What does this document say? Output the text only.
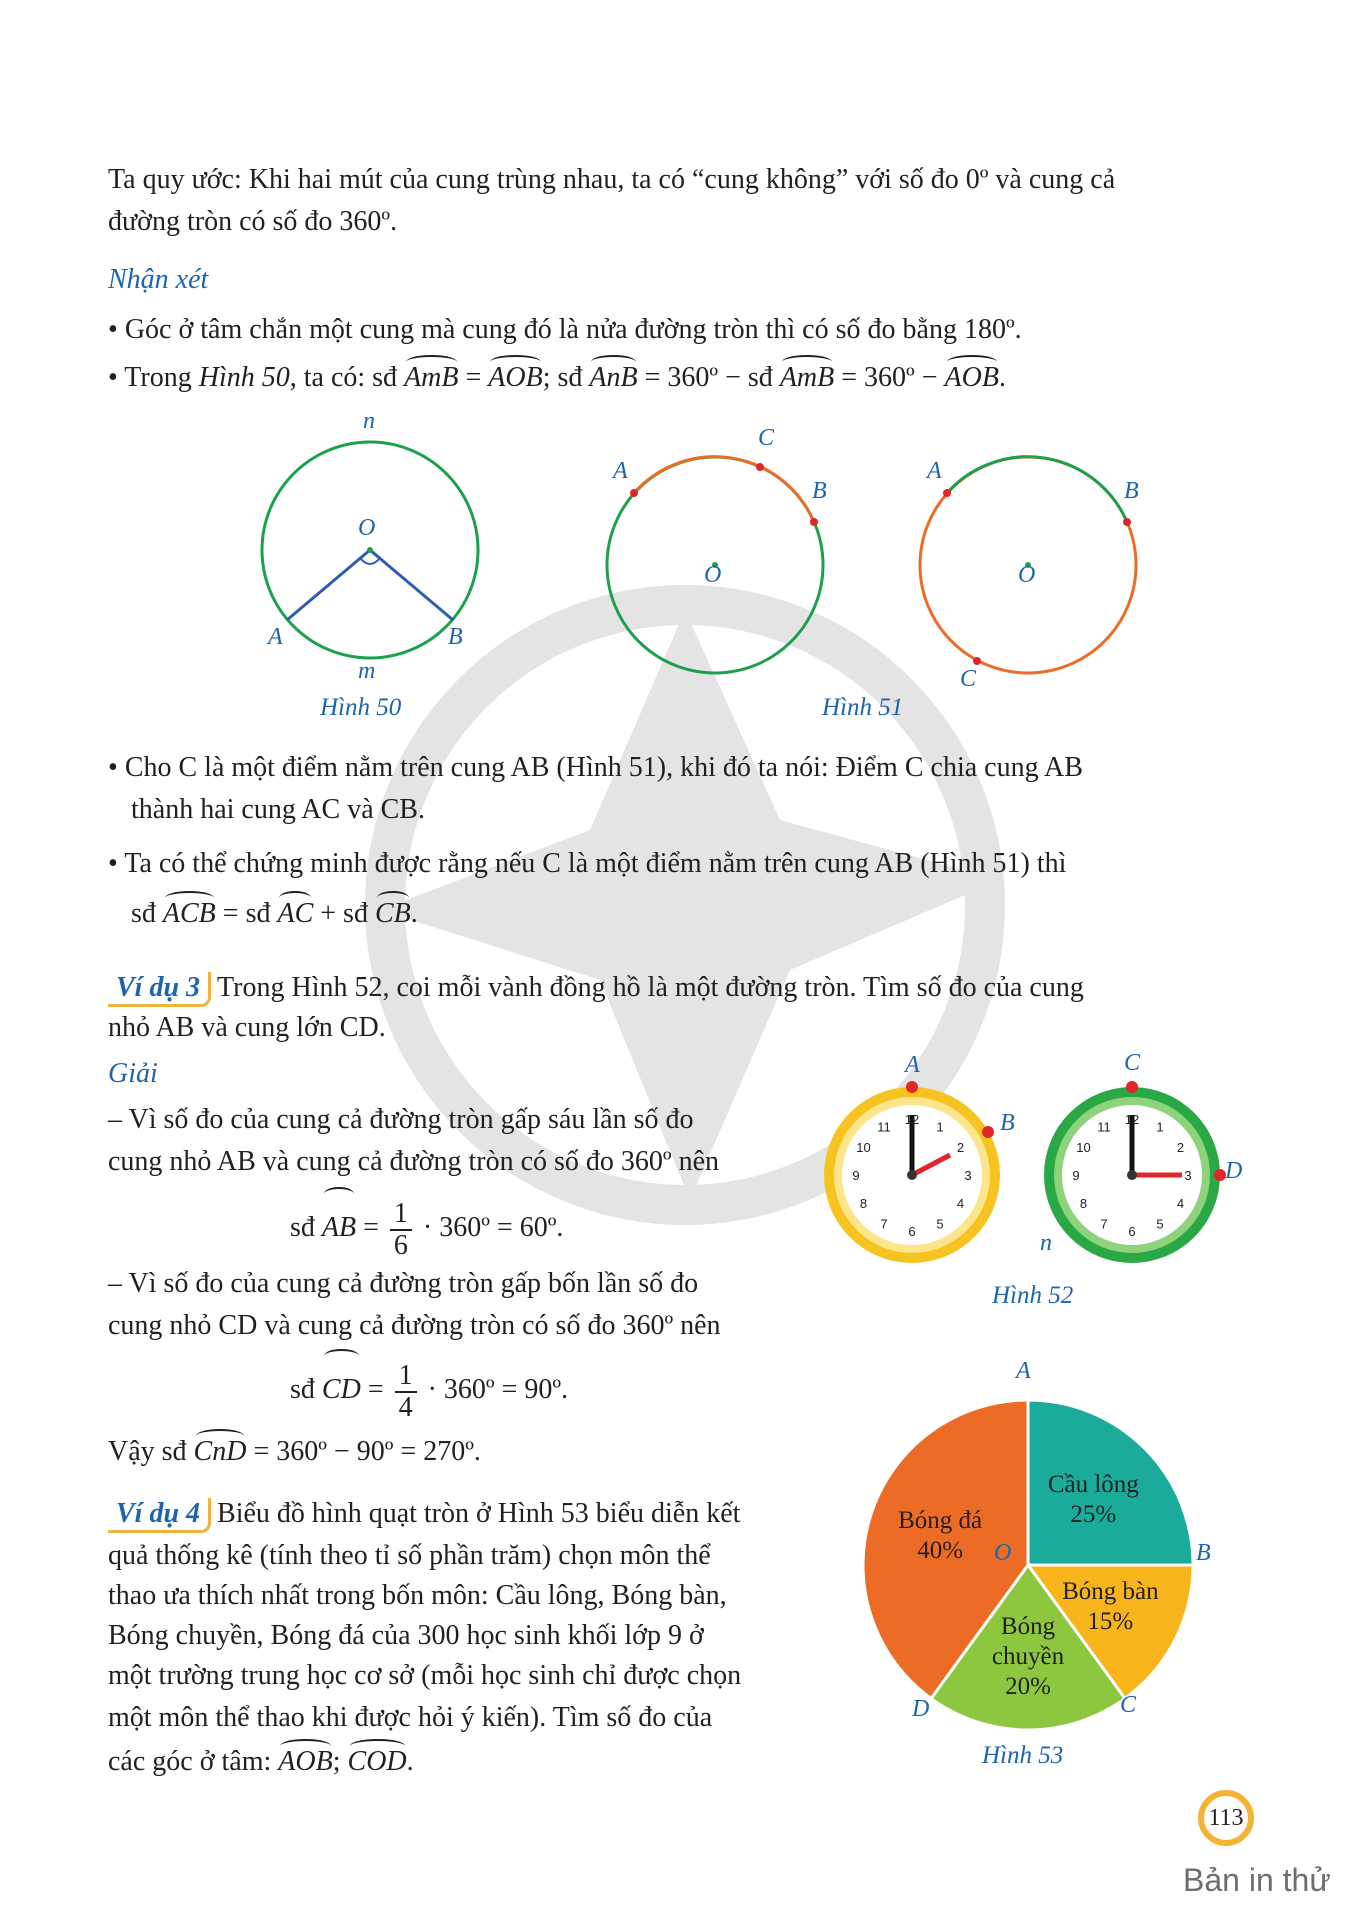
Ta quy ước: Khi hai mút của cung trùng nhau, ta có “cung không” với số đo 0º và cung cả
đường tròn có số đo 360º.
Nhận xét
• Góc ở tâm chắn một cung mà cung đó là nửa đường tròn thì có số đo bằng 180º.
• Trong Hình 50, ta có: sđ AmB = AOB; sđ AnB = 360º − sđ AmB = 360º − AOB.
n
O
A	B
m
Hình 50
A
C
B
O
A
B
O
C
Hình 51
• Cho C là một điểm nằm trên cung AB (Hình 51), khi đó ta nói: Điểm C chia cung AB
thành hai cung AC và CB.
• Ta có thể chứng minh được rằng nếu C là một điểm nằm trên cung AB (Hình 51) thì
sđ ACB = sđ AC + sđ CB.
Ví dụ 3 Trong Hình 52, coi mỗi vành đồng hồ là một đường tròn. Tìm số đo của cung
nhỏ AB và cung lớn CD.
Giải
– Vì số đo của cung cả đường tròn gấp sáu lần số đo
cung nhỏ AB và cung cả đường tròn có số đo 360º nên
sđ AB = $\frac{1}{6}$ · 360º = 60º.
– Vì số đo của cung cả đường tròn gấp bốn lần số đo
cung nhỏ CD và cung cả đường tròn có số đo 360º nên
sđ CD = $\frac{1}{4}$ · 360º = 90º.
Vậy sđ CnD = 360º − 90º = 270º.
12
1
2
3
4
5
6
7
8
9
10
11
12
1
2
3
4
5
6
7
8
9
10
11
A
B
C
D
n
Hình 52
Ví dụ 4 Biểu đồ hình quạt tròn ở Hình 53 biểu diễn kết
quả thống kê (tính theo tỉ số phần trăm) chọn môn thể
thao ưa thích nhất trong bốn môn: Cầu lông, Bóng bàn,
Bóng chuyền, Bóng đá của 300 học sinh khối lớp 9 ở
một trường trung học cơ sở (mỗi học sinh chỉ được chọn
một môn thể thao khi được hỏi ý kiến). Tìm số đo của
các góc ở tâm: AOB; COD.
Cầu lông
25%
Bóng bàn
15%
Bóng
chuyền
20%
Bóng đá
40%
A
B
C
D
O
Hình 53
113
Bản in thử
